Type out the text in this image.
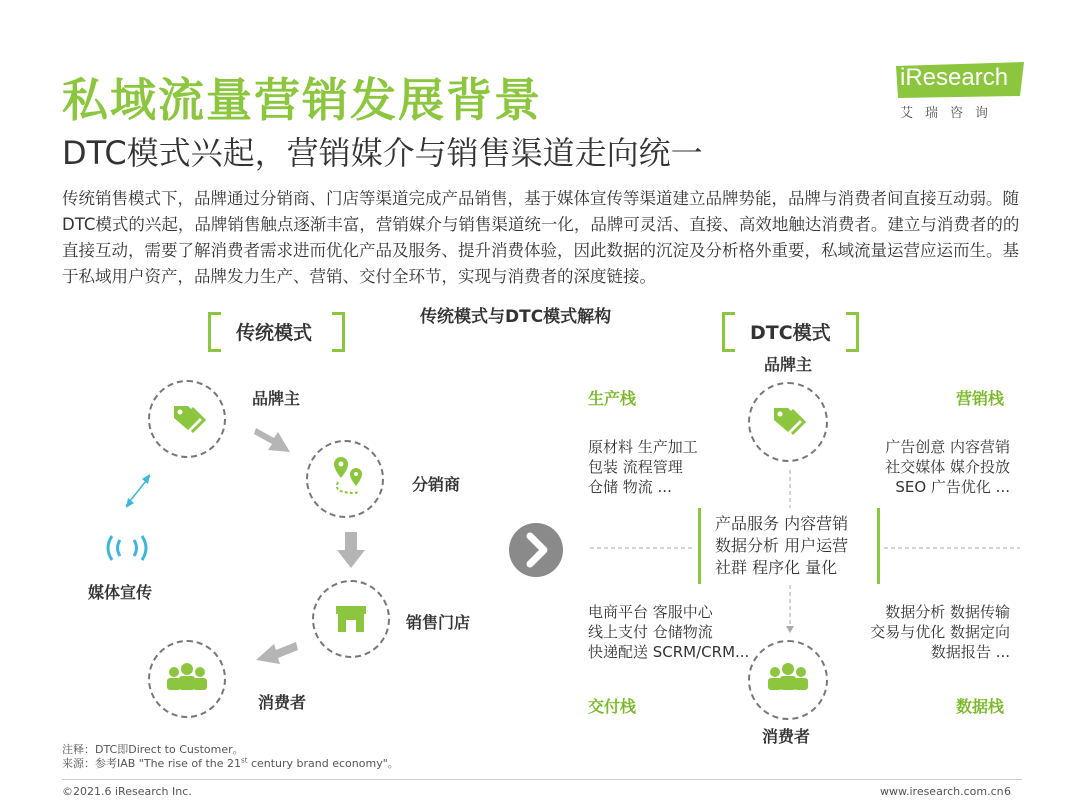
私域流量营销发展背景
DTC模式兴起，营销媒介与销售渠道走向统一
iResearch
艾瑞咨询
传统销售模式下，品牌通过分销商、门店等渠道完成产品销售，基于媒体宣传等渠道建立品牌势能，品牌与消费者间直接互动弱。随DTC模式的兴起，品牌销售触点逐渐丰富，营销媒介与销售渠道统一化，品牌可灵活、直接、高效地触达消费者。建立与消费者的的直接互动，需要了解消费者需求进而优化产品及服务、提升消费体验，因此数据的沉淀及分析格外重要，私域流量运营应运而生。基于私域用户资产，品牌发力生产、营销、交付全环节，实现与消费者的深度链接。
传统模式与DTC模式解构
传统模式	DTC模式
品牌主
分销商
销售门店
消费者
媒体宣传
品牌主
生产栈	营销栈
原材料 生产加工
包装 流程管理
仓储 物流 ...
广告创意 内容营销
社交媒体 媒介投放
SEO 广告优化 ...
产品服务 内容营销
数据分析 用户运营
社群 程序化 量化
电商平台 客服中心
线上支付 仓储物流
快递配送 SCRM/CRM...
数据分析 数据传输
交易与优化 数据定向
数据报告 ...
交付栈	数据栈
消费者
注释：DTC即Direct to Customer。
来源：参考IAB "The rise of the 21st century brand economy"。
©2021.6 iResearch Inc.	www.iresearch.com.cn 6
